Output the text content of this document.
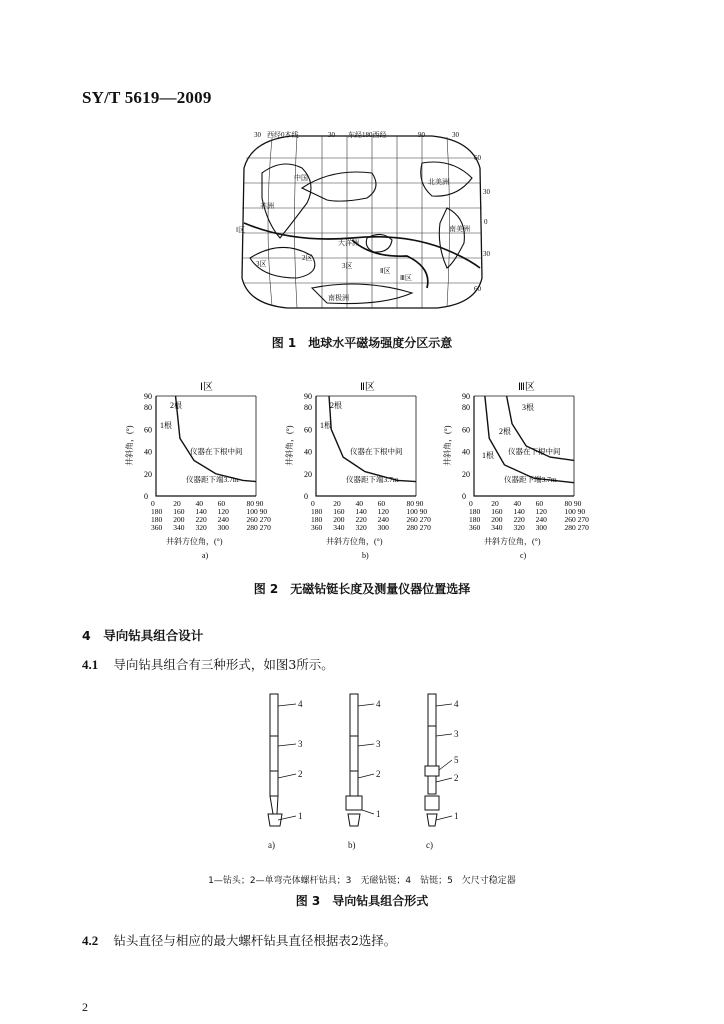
SY/T 5619—2009
30 西经0本线	30 东经180西经	90	30
60
30
0
30
60
北美洲
南美洲
非洲
中国
大洋洲
南极洲
Ⅰ区
Ⅱ区
Ⅲ区
3区
2区
3区
图 1　地球水平磁场强度分区示意
Ⅰ区
0
20
40
60
80
90
井斜角，(°)
0 20 40 60	80 90
180 160 140 120 100 90
180 200 220 240 260 270
360 340 320 300 280 270
井斜方位角，(°)
a)
2根
1根
仪器在下根中间
仪器距下端3.7m
Ⅱ区
0
20
40
60
80
90
井斜角，(°)
0 20 40 60	80 90
180 160 140 120 100 90
180 200 220 240 260 270
360 340 320 300 280 270
井斜方位角，(°)
b)
2根
1根
仪器在下根中间
仪器距下端3.7m
Ⅲ区
0
20
40
60
80
90
井斜角，(°)
0 20 40 60	80 90
180 160 140 120 100 90
180 200 220 240 260 270
360 340 320 300 280 270
井斜方位角，(°)
c)
3根
2根
1根 仪器在下根中间
仪器距下端3.7m
图 2　无磁钻铤长度及测量仪器位置选择
4　导向钻具组合设计
4.1 导向钻具组合有三种形式，如图3所示。
4
3
2
1
4
3
2
1
4
3
5
2
1
a)	b)	c)
1—钻头；2—单弯壳体螺杆钻具；3　无磁钻铤；4　钻铤；5　欠尺寸稳定器
图 3　导向钻具组合形式
4.2 钻头直径与相应的最大螺杆钻具直径根据表2选择。
2
